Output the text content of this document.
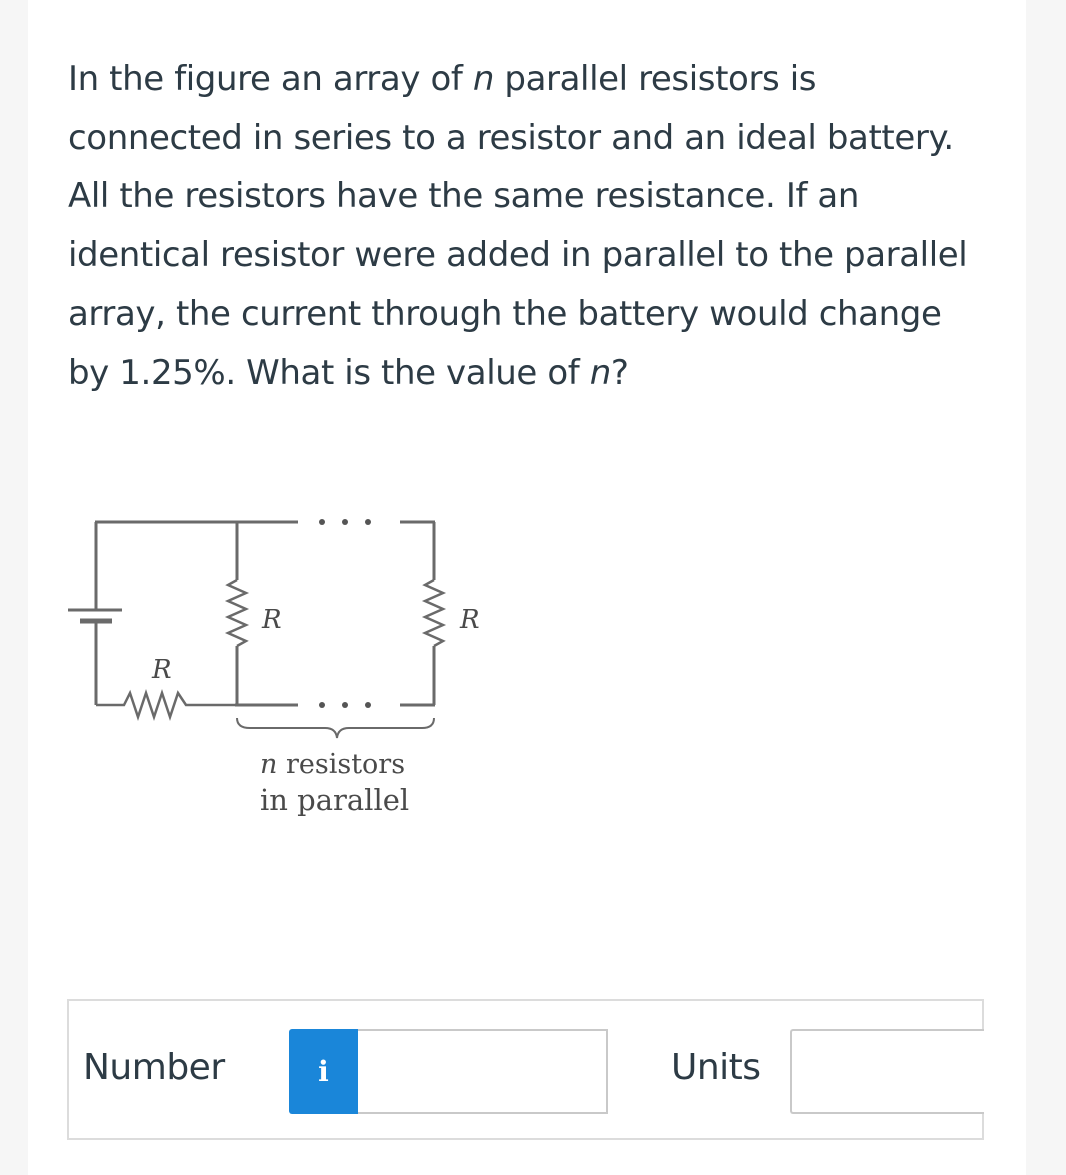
In the figure an array of n parallel resistors is connected in series to a resistor and an ideal battery. All the resistors have the same resistance. If an identical resistor were added in parallel to the parallel array, the current through the battery would change by 1.25%. What is the value of n?

R
R	R
n resistors
in parallel
Number	i	Units
